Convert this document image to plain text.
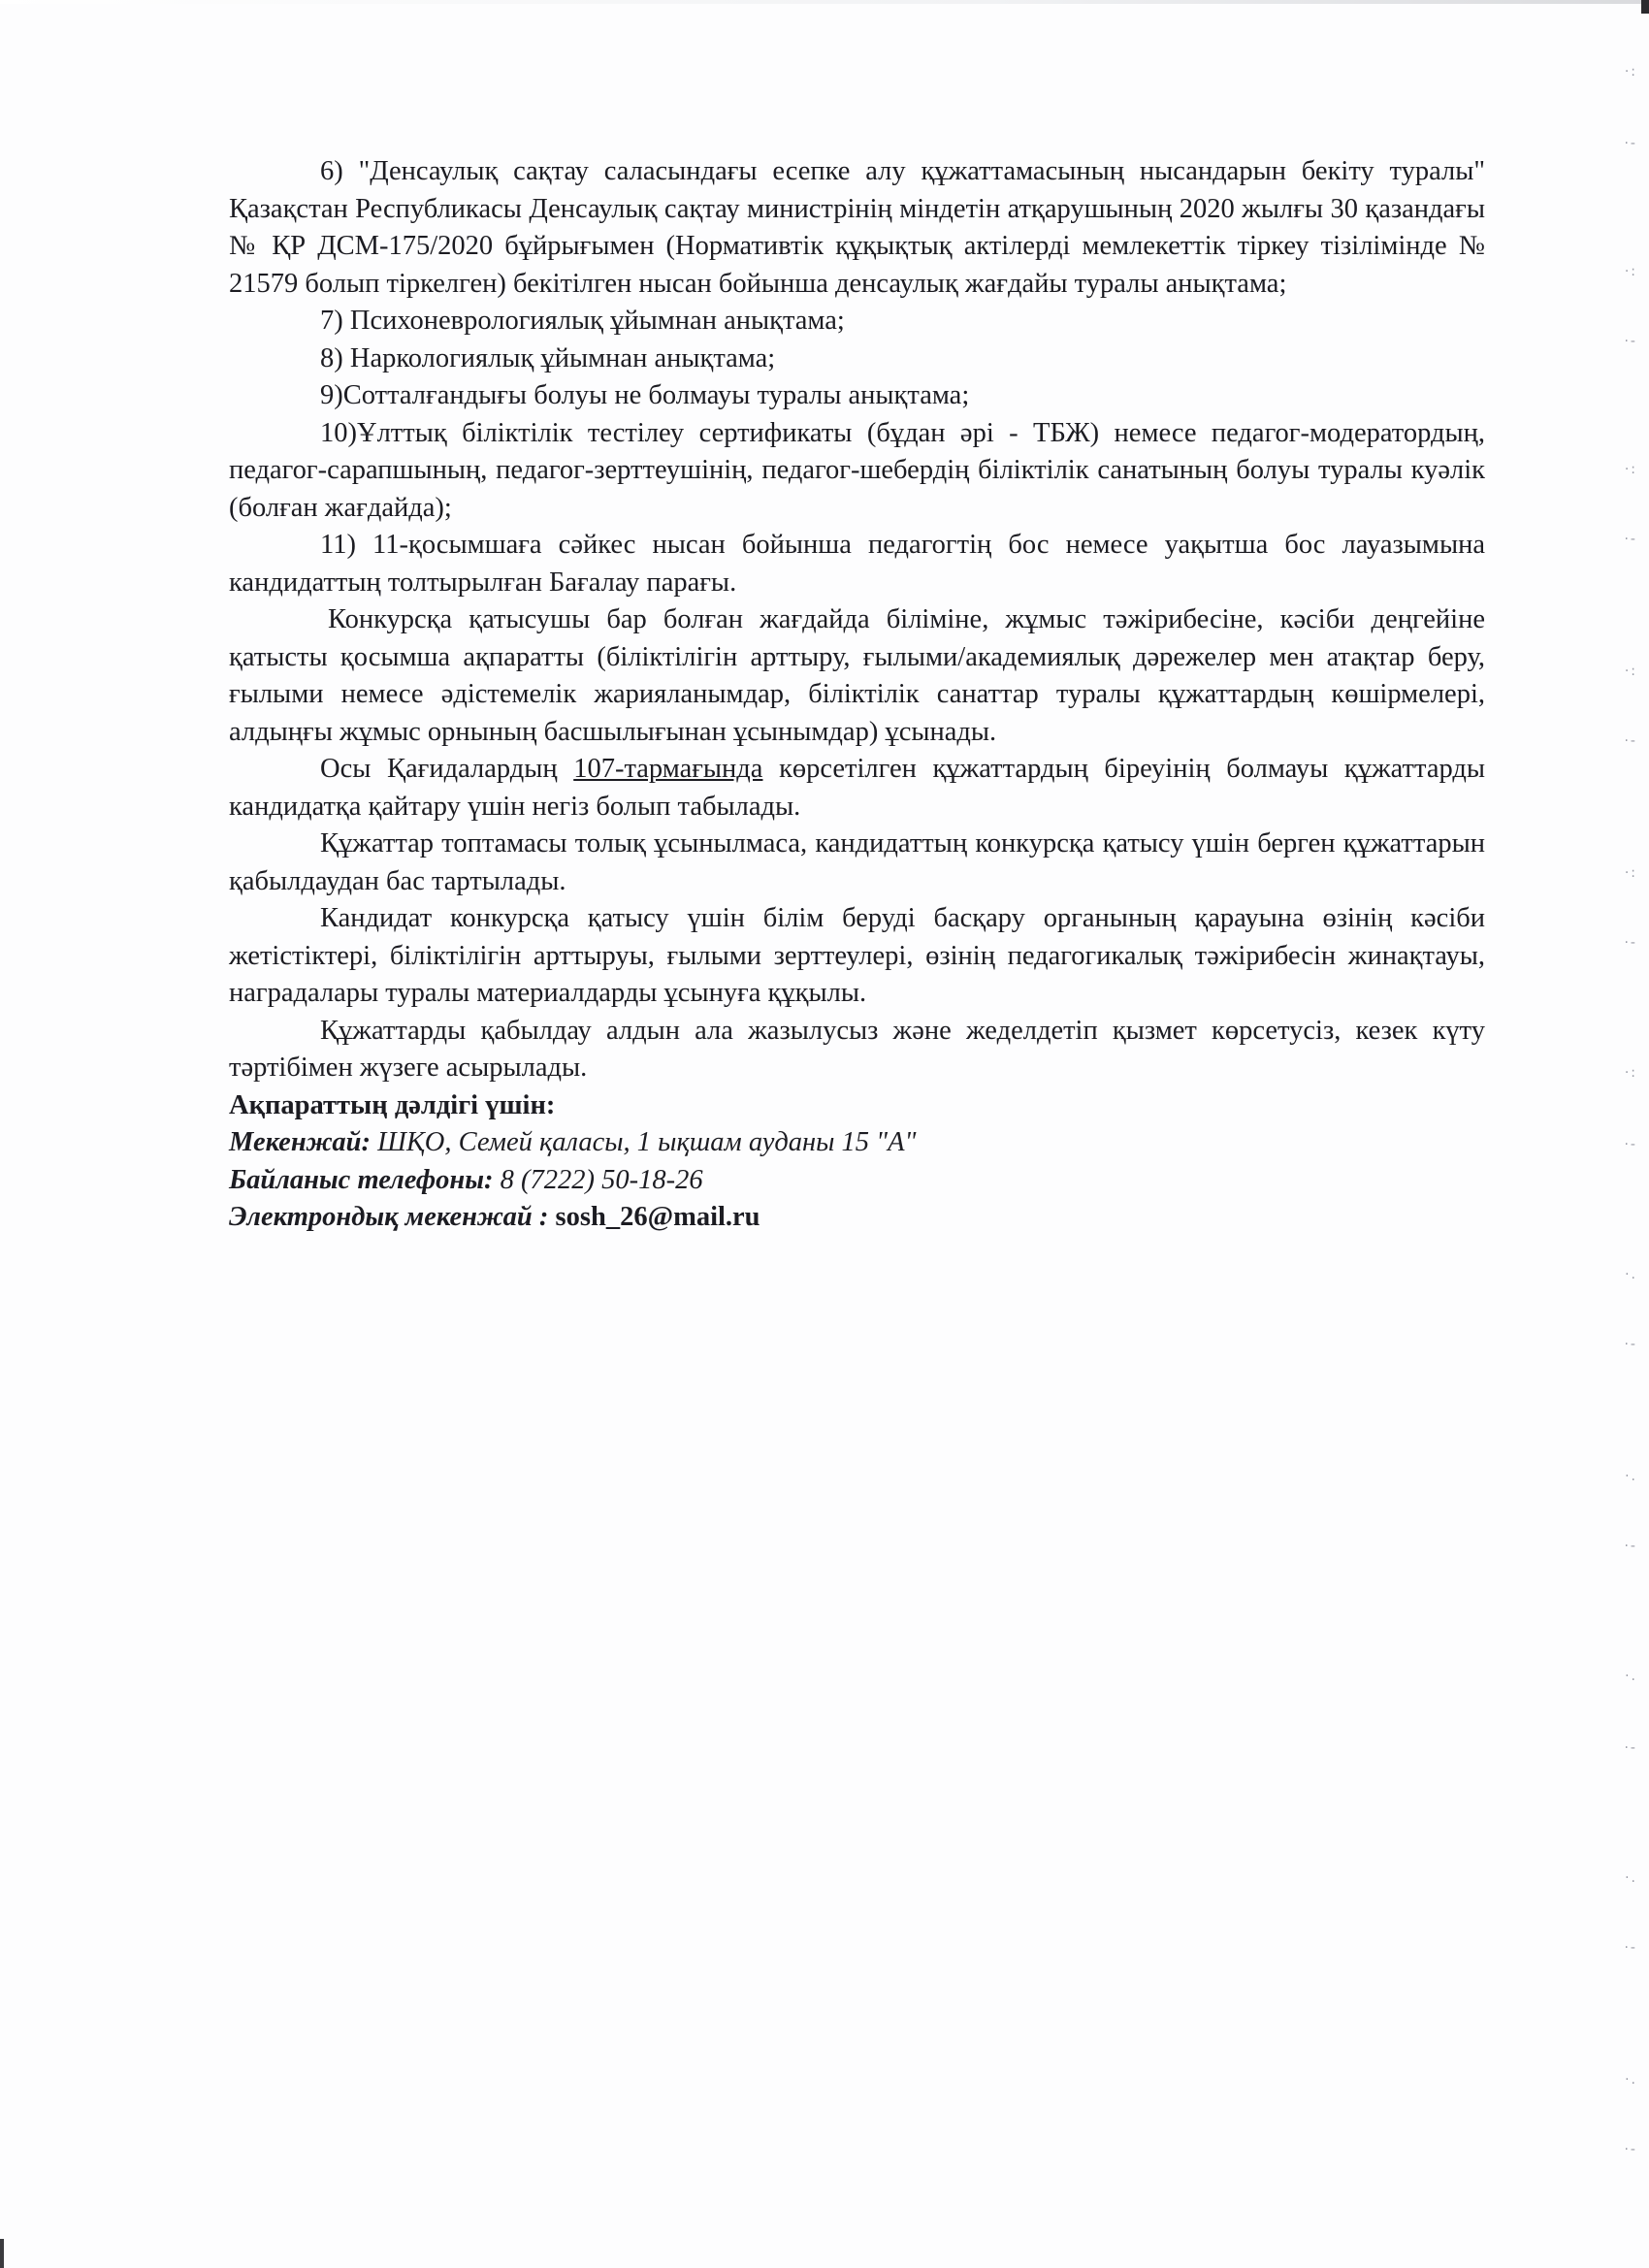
·:
·-
·:
·-
·:
·-
·:
·-
·:
·-
·:
·-
·.
·-
·.
·-
·.
·-
·.
·-
·.
·-

6) "Денсаулық сақтау саласындағы есепке алу құжаттамасының нысандарын бекіту туралы" Қазақстан Республикасы Денсаулық сақтау министрінің міндетін атқарушының 2020 жылғы 30 қазандағы № ҚР ДСМ-175/2020 бұйрығымен (Нормативтік құқықтық актілерді мемлекеттік тіркеу тізілімінде № 21579 болып тіркелген) бекітілген нысан бойынша денсаулық жағдайы туралы анықтама;

7) Психоневрологиялық ұйымнан анықтама;

8) Наркологиялық ұйымнан анықтама;

9)Сотталғандығы болуы не болмауы туралы анықтама;

10)Ұлттық біліктілік тестілеу сертификаты (бұдан әрі - ТБЖ) немесе педагог-модератордың, педагог-сарапшының, педагог-зерттеушінің, педагог-шебердің біліктілік санатының болуы туралы куәлік (болған жағдайда);

11) 11-қосымшаға сәйкес нысан бойынша педагогтің бос немесе уақытша бос лауазымына кандидаттың толтырылған Бағалау парағы.

Конкурсқа қатысушы бар болған жағдайда біліміне, жұмыс тәжірибесіне, кәсіби деңгейіне қатысты қосымша ақпаратты (біліктілігін арттыру, ғылыми/академиялық дәрежелер мен атақтар беру, ғылыми немесе әдістемелік жарияланымдар, біліктілік санаттар туралы құжаттардың көшірмелері, алдыңғы жұмыс орнының басшылығынан ұсынымдар) ұсынады.

Осы Қағидалардың 107-тармағында көрсетілген құжаттардың біреуінің болмауы құжаттарды кандидатқа қайтару үшін негіз болып табылады.

Құжаттар топтамасы толық ұсынылмаса, кандидаттың конкурсқа қатысу үшін берген құжаттарын қабылдаудан бас тартылады.

Кандидат конкурсқа қатысу үшін білім беруді басқару органының қарауына өзінің кәсіби жетістіктері, біліктілігін арттыруы, ғылыми зерттеулері, өзінің педагогикалық тәжірибесін жинақтауы, наградалары туралы материалдарды ұсынуға құқылы.

Құжаттарды қабылдау алдын ала жазылусыз және жеделдетіп қызмет көрсетусіз, кезек күту тәртібімен жүзеге асырылады.

Ақпараттың дәлдігі үшін:

Мекенжай: ШҚО, Семей қаласы, 1 ықшам ауданы 15 "А"

Байланыс телефоны: 8 (7222) 50-18-26

Электрондық мекенжай : sosh_26@mail.ru
